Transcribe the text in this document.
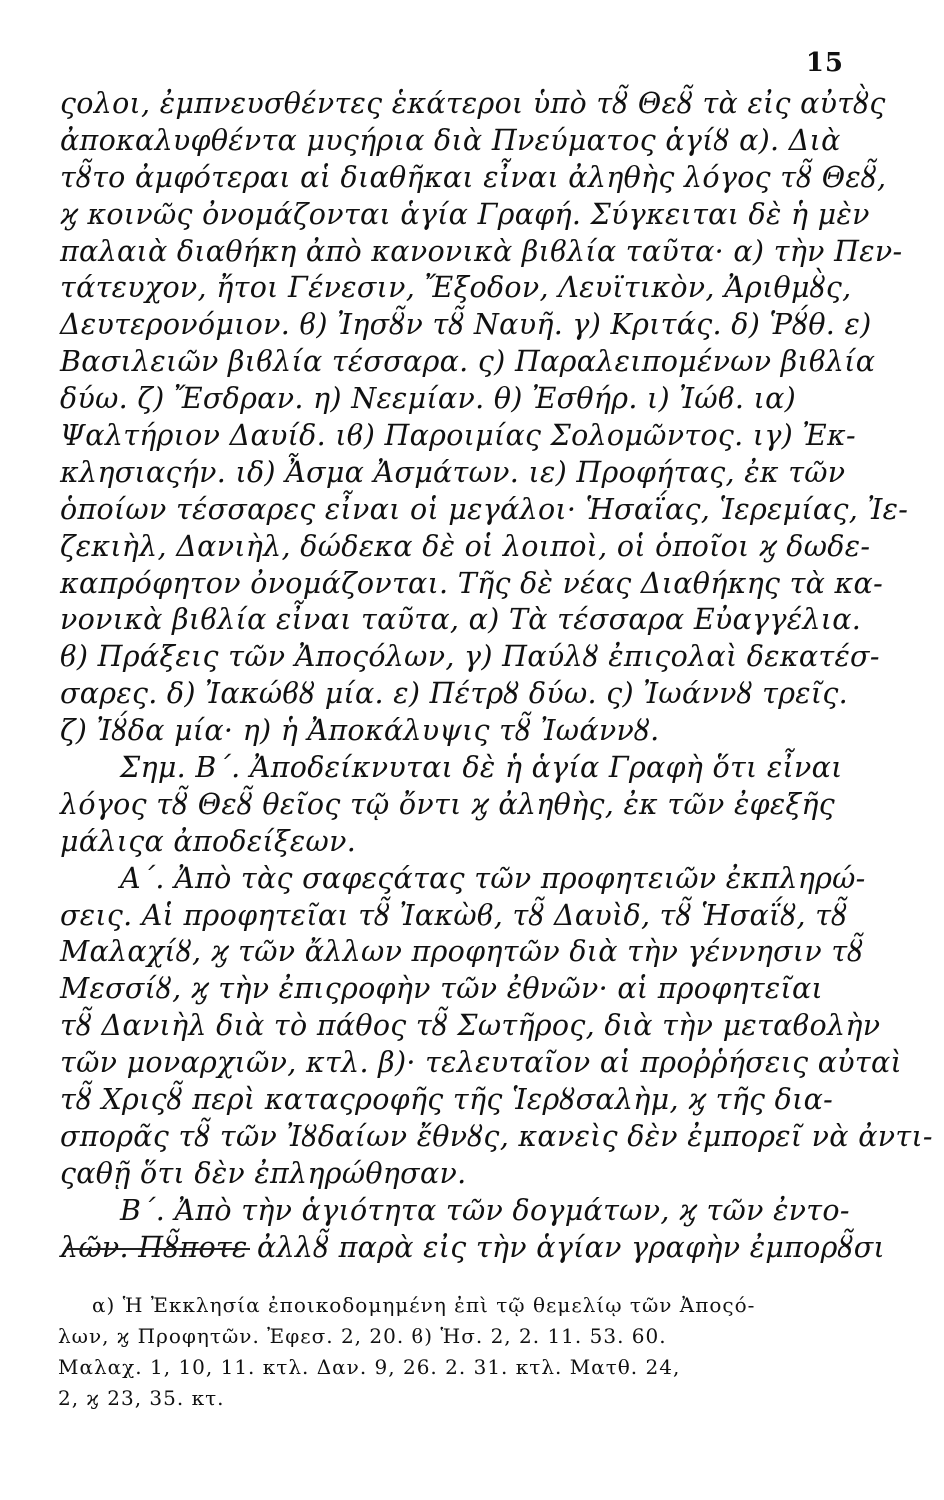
15
ςολοι, ἐμπνευσθέντες ἑκάτεροι ὑπὸ τȣ̃ Θεȣ̃ τὰ εἰς αὐτȣ̀ς
ἀποκαλυφθέντα μυςήρια διὰ Πνεύματος ἁγίȣ α). Διὰ
τȣ̃το ἀμφότεραι αἱ διαθῆκαι εἶναι ἀληθὴς λόγος τȣ̃ Θεȣ̃,
ϗ κοινῶς ὀνομάζονται ἁγία Γραφή. Σύγκειται δὲ ἡ μὲν
παλαιὰ διαθήκη ἀπὸ κανονικὰ βιϐλία ταῦτα· α) τὴν Πεν-
τάτευχον, ἤτοι Γένεσιν, Ἔξοδον, Λευϊτικὸν, Ἀριθμȣ̀ς,
Δευτερονόμιον. ϐ) Ἰησȣ̃ν τȣ̃ Ναυῆ. γ) Κριτάς. δ) Ῥȣ́θ. ε)
Βασιλειῶν βιϐλία τέσσαρα. ς) Παραλειπομένων βιϐλία
δύω. ζ) Ἔσδραν. η) Νεεμίαν. θ) Ἐσθήρ. ι) Ἰώϐ. ια)
Ψαλτήριον Δαυίδ. ιϐ) Παροιμίας Σολομῶντος. ιγ) Ἐκ-
κλησιαςήν. ιδ) Ἆσμα Ἀσμάτων. ιε) Προφήτας, ἐκ τῶν
ὁποίων τέσσαρες εἶναι οἱ μεγάλοι· Ἡσαΐας, Ἱερεμίας, Ἰε-
ζεκιὴλ, Δανιὴλ, δώδεκα δὲ οἱ λοιποὶ, οἱ ὁποῖοι ϗ δωδε-
καπρόφητον ὀνομάζονται. Τῆς δὲ νέας Διαθήκης τὰ κα-
νονικὰ βιϐλία εἶναι ταῦτα, α) Τὰ τέσσαρα Εὐαγγέλια.
ϐ) Πράξεις τῶν Ἀποςόλων, γ) Παύλȣ ἐπιςολαὶ δεκατέσ-
σαρες. δ) Ἰακώϐȣ μία. ε) Πέτρȣ δύω. ς) Ἰωάννȣ τρεῖς.
ζ) Ἰȣ́δα μία· η) ἡ Ἀποκάλυψις τȣ̃ Ἰωάννȣ.
Σημ. Β΄. Ἀποδείκνυται δὲ ἡ ἁγία Γραφὴ ὅτι εἶναι
λόγος τȣ̃ Θεȣ̃ θεῖος τῷ ὄντι ϗ ἀληθὴς, ἐκ τῶν ἐφεξῆς
μάλιςα ἀποδείξεων.
Α΄. Ἀπὸ τὰς σαφεςάτας τῶν προφητειῶν ἐκπληρώ-
σεις. Αἱ προφητεῖαι τȣ̃ Ἰακὼϐ, τȣ̃ Δαυὶδ, τȣ̃ Ἡσαΐȣ, τȣ̃
Μαλαχίȣ, ϗ τῶν ἄλλων προφητῶν διὰ τὴν γέννησιν τȣ̃
Μεσσίȣ, ϗ τὴν ἐπιςροφὴν τῶν ἐθνῶν· αἱ προφητεῖαι
τȣ̃ Δανιὴλ διὰ τὸ πάθος τȣ̃ Σωτῆρος, διὰ τὴν μεταϐολὴν
τῶν μοναρχιῶν, κτλ. β)· τελευταῖον αἱ προῤῥήσεις αὐταὶ
τȣ̃ Χριςȣ̃ περὶ καταςροφῆς τῆς Ἱερȣσαλὴμ, ϗ τῆς δια-
σπορᾶς τȣ̃ τῶν Ἰȣδαίων ἔθνȣς, κανεὶς δὲν ἐμπορεῖ νὰ ἀντι-
ςαθῇ ὅτι δὲν ἐπληρώθησαν.
Β΄. Ἀπὸ τὴν ἁγιότητα τῶν δογμάτων, ϗ τῶν ἐντο-
λῶν. Πȣ̃ποτε ἀλλȣ̃ παρὰ εἰς τὴν ἁγίαν γραφὴν ἐμπορȣ̃σι
α) Ἡ Ἐκκλησία ἐποικοδομημένη ἐπὶ τῷ θεμελίῳ τῶν Ἀποςό-
λων, ϗ Προφητῶν. Ἐφεσ. 2, 20. ϐ) Ἡσ. 2, 2. 11. 53. 60.
Μαλαχ. 1, 10, 11. κτλ. Δαν. 9, 26. 2. 31. κτλ. Ματθ. 24,
2, ϗ 23, 35. κτ.
